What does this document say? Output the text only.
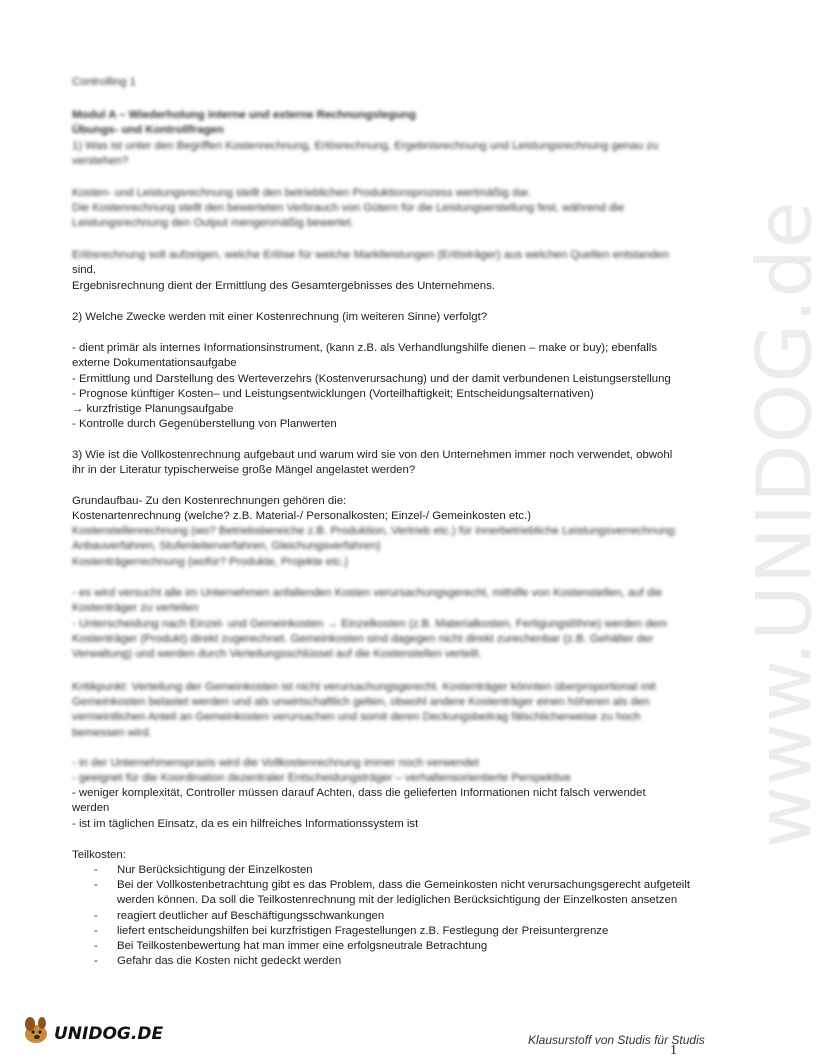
www.UNIDOG.de
Controlling 1
Modul A – Wiederholung interne und externe Rechnungslegung
Übungs- und Kontrollfragen
1) Was ist unter den Begriffen Kostenrechnung, Erlösrechnung, Ergebnisrechnung und Leistungsrechnung genau zu verstehen?
Kosten- und Leistungsrechnung stellt den betrieblichen Produktionsprozess wertmäßig dar.
Die Kostenrechnung stellt den bewerteten Verbrauch von Gütern für die Leistungserstellung fest, während die Leistungsrechnung den Output mengenmäßig bewertet.
Erlösrechnung soll aufzeigen, welche Erlöse für welche Marktleistungen (Erlösträger) aus welchen Quellen entstanden
sind.
Ergebnisrechnung dient der Ermittlung des Gesamtergebnisses des Unternehmens.
2) Welche Zwecke werden mit einer Kostenrechnung (im weiteren Sinne) verfolgt?
- dient primär als internes Informationsinstrument, (kann z.B. als Verhandlungshilfe dienen – make or buy); ebenfalls externe Dokumentationsaufgabe
- Ermittlung und Darstellung des Werteverzehrs (Kostenverursachung) und der damit verbundenen Leistungserstellung
- Prognose künftiger Kosten– und Leistungsentwicklungen (Vorteilhaftigkeit; Entscheidungsalternativen)
→ kurzfristige Planungsaufgabe
- Kontrolle durch Gegenüberstellung von Planwerten
3) Wie ist die Vollkostenrechnung aufgebaut und warum wird sie von den Unternehmen immer noch verwendet, obwohl ihr in der Literatur typischerweise große Mängel angelastet werden?
Grundaufbau- Zu den Kostenrechnungen gehören die:
Kostenartenrechnung (welche? z.B. Material-/ Personalkosten; Einzel-/ Gemeinkosten etc.)
Kostenstellenrechnung (wo? Betriebsbereiche z.B. Produktion, Vertrieb etc.) für innerbetriebliche Leistungsverrechnung: Anbauverfahren, Stufenleiterverfahren, Gleichungsverfahren)
Kostenträgerrechnung (wofür? Produkte, Projekte etc.)
- es wird versucht alle im Unternehmen anfallenden Kosten verursachungsgerecht, mithilfe von Kostenstellen, auf die Kostenträger zu verteilen
- Unterscheidung nach Einzel- und Gemeinkosten → Einzelkosten (z.B. Materialkosten, Fertigungslöhne) werden dem Kostenträger (Produkt) direkt zugerechnet. Gemeinkosten sind dagegen nicht direkt zurechenbar (z.B. Gehälter der Verwaltung) und werden durch Verteilungsschlüssel auf die Kostenstellen verteilt.
Kritikpunkt: Verteilung der Gemeinkosten ist nicht verursachungsgerecht. Kostenträger könnten überproportional mit Gemeinkosten belastet werden und als unwirtschaftlich gelten, obwohl andere Kostenträger einen höheren als den vermeintlichen Anteil an Gemeinkosten verursachen und somit deren Deckungsbeitrag fälschlicherweise zu hoch bemessen wird.
- in der Unternehmenspraxis wird die Vollkostenrechnung immer noch verwendet
- geeignet für die Koordination dezentraler Entscheidungsträger – verhaltensorientierte Perspektive
- weniger komplexität, Controller müssen darauf Achten, dass die gelieferten Informationen nicht falsch verwendet
werden
- ist im täglichen Einsatz, da es ein hilfreiches Informationssystem ist
Teilkosten:
- Nur Berücksichtigung der Einzelkosten
- Bei der Vollkostenbetrachtung gibt es das Problem, dass die Gemeinkosten nicht verursachungsgerecht aufgeteilt werden können. Da soll die Teilkostenrechnung mit der lediglichen Berücksichtigung der Einzelkosten ansetzen
- reagiert deutlicher auf Beschäftigungsschwankungen
- liefert entscheidungshilfen bei kurzfristigen Fragestellungen z.B. Festlegung der Preisuntergrenze
- Bei Teilkostenbewertung hat man immer eine erfolgsneutrale Betrachtung
- Gefahr das die Kosten nicht gedeckt werden
UNIDOG.DE	Klausurstoff von Studis für Studis
1
